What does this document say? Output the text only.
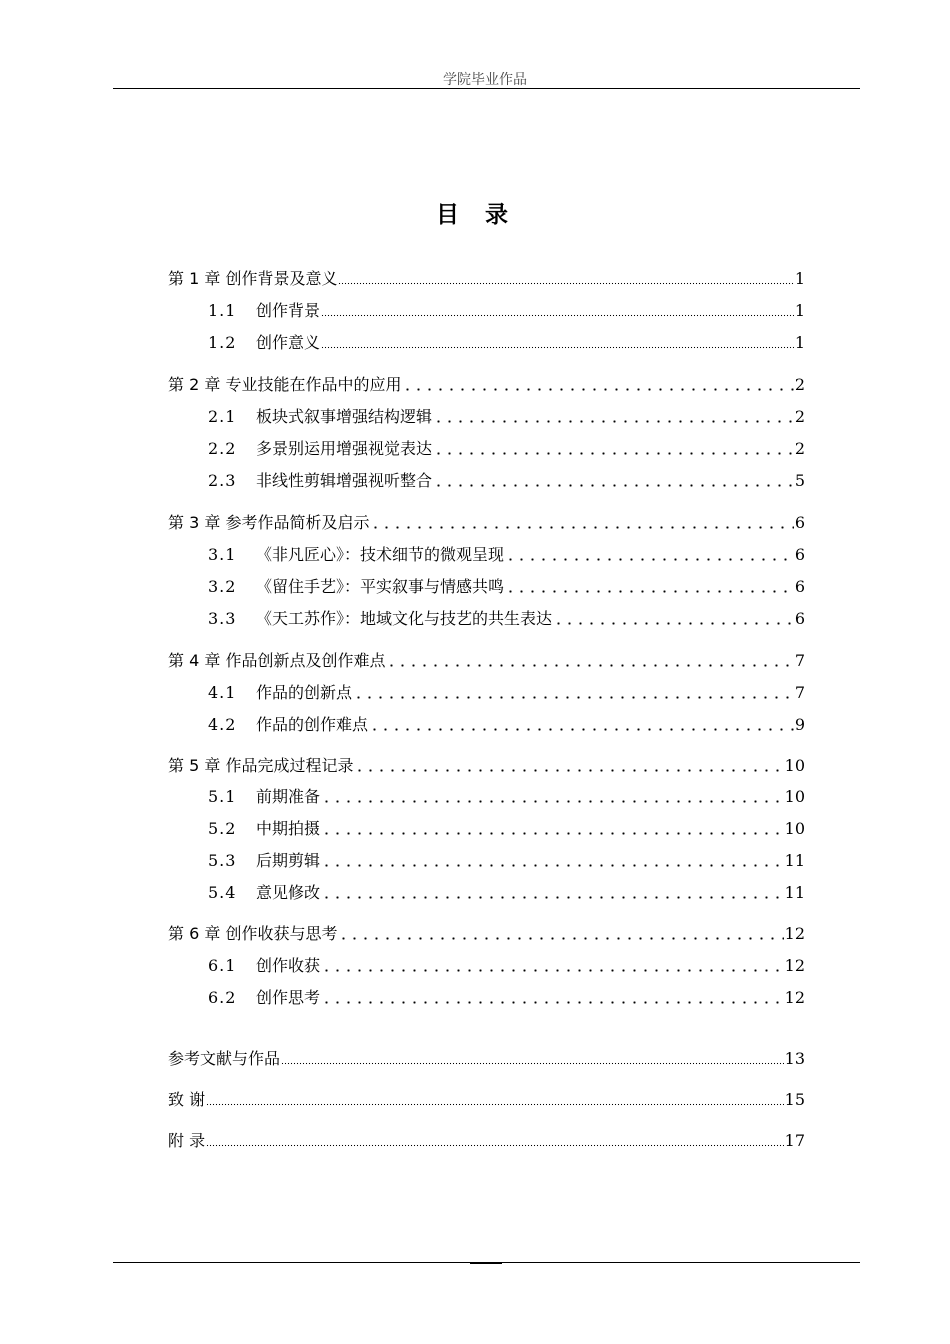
学院毕业作品
目录
第 1 章 创作背景及意义	1
1.1 创作背景	1
1.2 创作意义	1
第 2 章 专业技能在作品中的应用	2
2.1 板块式叙事增强结构逻辑	2
2.2 多景别运用增强视觉表达	2
2.3 非线性剪辑增强视听整合	5
第 3 章 参考作品简析及启示	6
3.1 《非凡匠心》：技术细节的微观呈现	6
3.2 《留住手艺》：平实叙事与情感共鸣	6
3.3 《天工苏作》：地域文化与技艺的共生表达	6
第 4 章 作品创新点及创作难点	7
4.1 作品的创新点	7
4.2 作品的创作难点	9
第 5 章 作品完成过程记录	10
5.1 前期准备	10
5.2 中期拍摄	10
5.3 后期剪辑	11
5.4 意见修改	11
第 6 章 创作收获与思考	12
6.1 创作收获	12
6.2 创作思考	12
参考文献与作品	13
致 谢	15
附 录	17
